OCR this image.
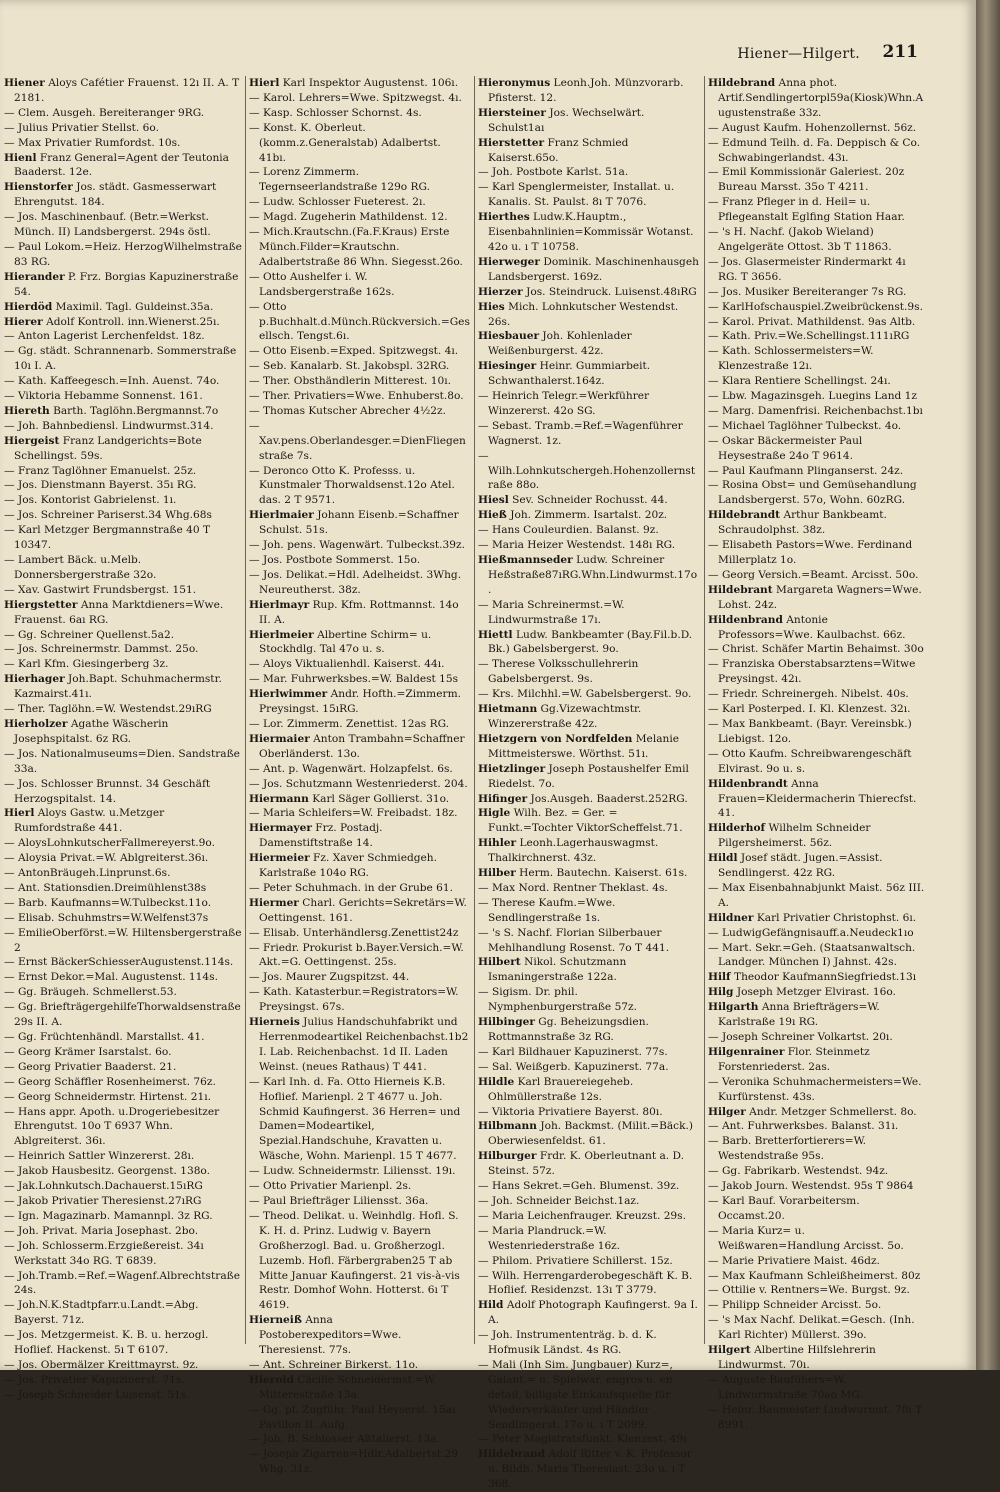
Hiener—Hilgert. 211

Hiener Aloys Cafétier Frauenst. 12ı II. A. T 2181.

— Clem. Ausgeh. Bereiteranger 9RG.

— Julius Privatier Stellst. 6o.

— Max Privatier Rumfordst. 10s.

Hienl Franz General=Agent der Teutonia Baaderst. 12e.

Hienstorfer Jos. städt. Gasmesserwart Ehrengutst. 184.

— Jos. Maschinenbauf. (Betr.=Werkst. Münch. II) Landsbergerst. 294s östl.

— Paul Lokom.=Heiz. HerzogWilhelmstraße 83 RG.

Hierander P. Frz. Borgias Kapuzinerstraße 54.

Hierdöd Maximil. Tagl. Guldeinst.35a.

Hierer Adolf Kontroll. inn.Wienerst.25ı.

— Anton Lagerist Lerchenfeldst. 18z.

— Gg. städt. Schrannenarb. Sommerstraße 10ı I. A.

— Kath. Kaffeegesch.=Inh. Auenst. 74o.

— Viktoria Hebamme Sonnenst. 161.

Hiereth Barth. Taglöhn.Bergmannst.7o

— Joh. Bahnbediensl. Lindwurmst.314.

Hiergeist Franz Landgerichts=Bote Schellingst. 59s.

— Franz Taglöhner Emanuelst. 25z.

— Jos. Dienstmann Bayerst. 35ı RG.

— Jos. Kontorist Gabrielenst. 1ı.

— Jos. Schreiner Pariserst.34 Whg.68s

— Karl Metzger Bergmannstraße 40 T 10347.

— Lambert Bäck. u.Melb. Donnersbergerstraße 32o.

— Xav. Gastwirt Frundsbergst. 151.

Hiergstetter Anna Marktdieners=Wwe. Frauenst. 6aı RG.

— Gg. Schreiner Quellenst.5a2.

— Jos. Schreinermstr. Dammst. 25o.

— Karl Kfm. Giesingerberg 3z.

Hierhager Joh.Bapt. Schuhmachermstr. Kazmairst.41ı.

— Ther. Taglöhn.=W. Westendst.29ıRG

Hierholzer Agathe Wäscherin Josephspitalst. 6z RG.

— Jos. Nationalmuseums=Dien. Sandstraße 33a.

— Jos. Schlosser Brunnst. 34 Geschäft Herzogspitalst. 14.

Hierl Aloys Gastw. u.Metzger Rumfordstraße 441.

— AloysLohnkutscherFallmereyerst.9o.

— Aloysia Privat.=W. Ablgreiterst.36ı.

— AntonBräugeh.Linprunst.6s.

— Ant. Stationsdien.Dreimühlenst38s

— Barb. Kaufmanns=W.Tulbeckst.11o.

— Elisab. Schuhmstrs=W.Welfenst37s

— EmilieOberförst.=W. Hiltensbergerstraße 2

— Ernst BäckerSchiesserAugustenst.114s.

— Ernst Dekor.=Mal. Augustenst. 114s.

— Gg. Bräugeh. Schmellerst.53.

— Gg. BriefträgergehilfeThorwaldsenstraße 29s II. A.

— Gg. Früchtenhändl. Marstallst. 41.

— Georg Krämer Isarstalst. 6o.

— Georg Privatier Baaderst. 21.

— Georg Schäffler Rosenheimerst. 76z.

— Georg Schneidermstr. Hirtenst. 21ı.

— Hans appr. Apoth. u.Drogeriebesitzer Ehrengutst. 10o T 6937 Whn. Ablgreiterst. 36ı.

— Heinrich Sattler Winzererst. 28ı.

— Jakob Hausbesitz. Georgenst. 138o.

— Jak.Lohnkutsch.Dachauerst.15ıRG

— Jakob Privatier Theresienst.27ıRG

— Ign. Magazinarb. Mamannpl. 3z RG.

— Joh. Privat. Maria Josephast. 2bo.

— Joh. Schlosserm.Erzgießereist. 34ı Werkstatt 34o RG. T 6839.

— Joh.Tramb.=Ref.=Wagenf.Albrechtstraße 24s.

— Joh.N.K.Stadtpfarr.u.Landt.=Abg. Bayerst. 71z.

— Jos. Metzgermeist. K. B. u. herzogl. Hoflief. Hackenst. 5ı T 6107.

— Jos. Obermälzer Kreittmayrst. 9z.

— Jos. Privatier Kapuzinerst. 71s.

— Joseph Schneider Luisenst. 51s.

Hierl Karl Inspektor Augustenst. 106ı.

— Karol. Lehrers=Wwe. Spitzwegst. 4ı.

— Kasp. Schlosser Schornst. 4s.

— Konst. K. Oberleut.(komm.z.Generalstab) Adalbertst. 41bı.

— Lorenz Zimmerm. Tegernseerlandstraße 129o RG.

— Ludw. Schlosser Fueterest. 2ı.

— Magd. Zugeherin Mathildenst. 12.

— Mich.Krautschn.(Fa.F.Kraus) Erste Münch.Filder=Krautschn. Adalbertstraße 86 Whn. Siegesst.26o.

— Otto Aushelfer i. W. Landsbergerstraße 162s.

— Otto p.Buchhalt.d.Münch.Rückversich.=Gesellsch. Tengst.6ı.

— Otto Eisenb.=Exped. Spitzwegst. 4ı.

— Seb. Kanalarb. St. Jakobspl. 32RG.

— Ther. Obsthändlerin Mitterest. 10ı.

— Ther. Privatiers=Wwe. Enhuberst.8o.

— Thomas Kutscher Abrecher 4½2z.

— Xav.pens.Oberlandesger.=DienFliegenstraße 7s.

— Deronco Otto K. Professs. u. Kunstmaler Thorwaldsenst.12o Atel. das. 2 T 9571.

Hierlmaier Johann Eisenb.=Schaffner Schulst. 51s.

— Joh. pens. Wagenwärt. Tulbeckst.39z.

— Jos. Postbote Sommerst. 15o.

— Jos. Delikat.=Hdl. Adelheidst. 3Whg. Neureutherst. 38z.

Hierlmayr Rup. Kfm. Rottmannst. 14o II. A.

Hierlmeier Albertine Schirm= u. Stockhdlg. Tal 47o u. s.

— Aloys Viktualienhdl. Kaiserst. 44ı.

— Mar. Fuhrwerksbes.=W. Baldest 15s

Hierlwimmer Andr. Hofth.=Zimmerm. Preysingst. 15ıRG.

— Lor. Zimmerm. Zenettist. 12as RG.

Hiermaier Anton Trambahn=Schaffner Oberländerst. 13o.

— Ant. p. Wagenwärt. Holzapfelst. 6s.

— Jos. Schutzmann Westenriederst. 204.

Hiermann Karl Säger Gollierst. 31o.

— Maria Schleifers=W. Freibadst. 18z.

Hiermayer Frz. Postadj. Damenstiftstraße 14.

Hiermeier Fz. Xaver Schmiedgeh. Karlstraße 104o RG.

— Peter Schuhmach. in der Grube 61.

Hiermer Charl. Gerichts=Sekretärs=W. Oettingenst. 161.

— Elisab. Unterhändlersg.Zenettist24z

— Friedr. Prokurist b.Bayer.Versich.=W. Akt.=G. Oettingenst. 25s.

— Jos. Maurer Zugspitzst. 44.

— Kath. Katasterbur.=Registrators=W. Preysingst. 67s.

Hierneis Julius Handschuhfabrikt und Herrenmodeartikel Reichenbachst.1b2 I. Lab. Reichenbachst. 1d II. Laden Weinst. (neues Rathaus) T 441.

— Karl Inh. d. Fa. Otto Hierneis K.B. Hoflief. Marienpl. 2 T 4677 u. Joh. Schmid Kaufingerst. 36 Herren= und Damen=Modeartikel, Spezial.Handschuhe, Kravatten u. Wäsche, Wohn. Marienpl. 15 T 4677.

— Ludw. Schneidermstr. Liliensst. 19ı.

— Otto Privatier Marienpl. 2s.

— Paul Briefträger Liliensst. 36a.

— Theod. Delikat. u. Weinhdlg. Hofl. S. K. H. d. Prinz. Ludwig v. Bayern Großherzogl. Bad. u. Großherzogl. Luzemb. Hofl. Färbergraben25 T ab Mitte Januar Kaufingerst. 21 vis-à-vis Restr. Domhof Wohn. Hotterst. 6ı T 4619.

Hierneiß Anna Postoberexpeditors=Wwe. Theresienst. 77s.

— Ant. Schreiner Birkerst. 11o.

Hierold Cäcilie Schneidermst.=W. Mitterestraße 13a.

— Gg. pf. Zugführ. Paul Heyserst. 15aı Pavillon II. Aufg.

— Joh. B. Schlosser Aßtallerst. 13a.

— Joseph Zigarren=Hdlr.Adalbertst.29 Whg. 31z.

Hieronymus Leonh.Joh. Münzvorarb. Pfisterst. 12.

Hiersteiner Jos. Wechselwärt. Schulst1aı

Hierstetter Franz Schmied Kaiserst.65o.

— Joh. Postbote Karlst. 51a.

— Karl Spenglermeister, Installat. u. Kanalis. St. Paulst. 8ı T 7076.

Hierthes Ludw.K.Hauptm., Eisenbahnlinien=Kommissär Wotanst. 42o u. ı T 10758.

Hierweger Dominik. Maschinenhausgeh Landsbergerst. 169z.

Hierzer Jos. Steindruck. Luisenst.48ıRG

Hies Mich. Lohnkutscher Westendst. 26s.

Hiesbauer Joh. Kohlenlader Weißenburgerst. 42z.

Hiesinger Heinr. Gummiarbeit. Schwanthalerst.164z.

— Heinrich Telegr.=Werkführer Winzererst. 42o SG.

— Sebast. Tramb.=Ref.=Wagenführer Wagnerst. 1z.

— Wilh.Lohnkutschergeh.Hohenzollernstraße 88o.

Hiesl Sev. Schneider Rochusst. 44.

Hieß Joh. Zimmerm. Isartalst. 20z.

— Hans Couleurdien. Balanst. 9z.

— Maria Heizer Westendst. 148ı RG.

Hießmannseder Ludw. Schreiner Heßstraße87ıRG.Whn.Lindwurmst.17o.

— Maria Schreinermst.=W. Lindwurmstraße 17ı.

Hiettl Ludw. Bankbeamter (Bay.Fil.b.D. Bk.) Gabelsbergerst. 9o.

— Therese Volksschullehrerin Gabelsbergerst. 9s.

— Krs. Milchhl.=W. Gabelsbergerst. 9o.

Hietmann Gg.Vizewachtmstr. Winzererstraße 42z.

Hietzgern von Nordfelden Melanie Mittmeisterswe. Wörthst. 51ı.

Hietzlinger Joseph Postaushelfer Emil Riedelst. 7o.

Hifinger Jos.Ausgeh. Baaderst.252RG.

Higle Wilh. Bez. = Ger. = Funkt.=Tochter ViktorScheffelst.71.

Hihler Leonh.Lagerhauswagmst. Thalkirchnerst. 43z.

Hilber Herm. Bautechn. Kaiserst. 61s.

— Max Nord. Rentner Theklast. 4s.

— Therese Kaufm.=Wwe. Sendlingerstraße 1s.

— 's S. Nachf. Florian Silberbauer Mehlhandlung Rosenst. 7o T 441.

Hilbert Nikol. Schutzmann Ismaningerstraße 122a.

— Sigism. Dr. phil. Nymphenburgerstraße 57z.

Hilbinger Gg. Beheizungsdien. Rottmannstraße 3z RG.

— Karl Bildhauer Kapuzinerst. 77s.

— Sal. Weißgerb. Kapuzinerst. 77a.

Hildle Karl Brauereiegeheb. Ohlmüllerstraße 12s.

— Viktoria Privatiere Bayerst. 80ı.

Hilbmann Joh. Backmst. (Milit.=Bäck.) Oberwiesenfeldst. 61.

Hilburger Frdr. K. Oberleutnant a. D. Steinst. 57z.

— Hans Sekret.=Geh. Blumenst. 39z.

— Joh. Schneider Beichst.1az.

— Maria Leichenfrauger. Kreuzst. 29s.

— Maria Plandruck.=W. Westenriederstraße 16z.

— Philom. Privatiere Schillerst. 15z.

— Wilh. Herrengarderobegeschäft K. B. Hoflief. Residenzst. 13ı T 3779.

Hild Adolf Photograph Kaufingerst. 9a I. A.

— Joh. Instrumententräg. b. d. K. Hofmusik Ländst. 4s RG.

— Mali (Inh Sim. Jungbauer) Kurz=, Galant.= u. Spielwar. engros u. en detail, billigste Einkaufsquelle für Wiederverkäufer und Händler Sendlingerst. 17o u. ı T 2099.

— Peter Magistratsfunkt. Klenzest. 49ı

Hildebrand Adolf Ritter v. K. Professor u. Bildh. Maria Theresiast. 23o u. ı T 368.

Hildebrand Anna phot. Artif.Sendlingertorpl59a(Kiosk)Whn.Augustenstraße 33z.

— August Kaufm. Hohenzollernst. 56z.

— Edmund Teilh. d. Fa. Deppisch & Co. Schwabingerlandst. 43ı.

— Emil Kommissionär Galeriest. 20z Bureau Marsst. 35o T 4211.

— Franz Pfleger in d. Heil= u. Pflegeanstalt Eglfing Station Haar.

— 's H. Nachf. (Jakob Wieland) Angelgeräte Ottost. 3b T 11863.

— Jos. Glasermeister Rindermarkt 4ı RG. T 3656.

— Jos. Musiker Bereiteranger 7s RG.

— KarlHofschauspiel.Zweibrückenst.9s.

— Karol. Privat. Mathildenst. 9as Altb.

— Kath. Priv.=We.Schellingst.111ıRG

— Kath. Schlossermeisters=W. Klenzestraße 12ı.

— Klara Rentiere Schellingst. 24ı.

— Lbw. Magazinsgeh. Luegins Land 1z

— Marg. Damenfrisi. Reichenbachst.1bı

— Michael Taglöhner Tulbeckst. 4o.

— Oskar Bäckermeister Paul Heysestraße 24o T 9614.

— Paul Kaufmann Plinganserst. 24z.

— Rosina Obst= und Gemüsehandlung Landsbergerst. 57o, Wohn. 60zRG.

Hildebrandt Arthur Bankbeamt. Schraudolphst. 38z.

— Elisabeth Pastors=Wwe. Ferdinand Millerplatz 1o.

— Georg Versich.=Beamt. Arcisst. 50o.

Hildebrant Margareta Wagners=Wwe. Lohst. 24z.

Hildenbrand Antonie Professors=Wwe. Kaulbachst. 66z.

— Christ. Schäfer Martin Behaimst. 30o

— Franziska Oberstabsarztens=Witwe Preysingst. 42ı.

— Friedr. Schreinergeh. Nibelst. 40s.

— Karl Posterped. I. Kl. Klenzest. 32ı.

— Max Bankbeamt. (Bayr. Vereinsbk.) Liebigst. 12o.

— Otto Kaufm. Schreibwarengeschäft Elvirast. 9o u. s.

Hildenbrandt Anna Frauen=Kleidermacherin Thierecfst. 41.

Hilderhof Wilhelm Schneider Pilgersheimerst. 56z.

Hildl Josef städt. Jugen.=Assist. Sendlingerst. 42z RG.

— Max Eisenbahnabjunkt Maist. 56z III. A.

Hildner Karl Privatier Christophst. 6ı.

— LudwigGefängnisauff.a.Neudeck1ıo

— Mart. Sekr.=Geh. (Staatsanwaltsch. Landger. München I) Jahnst. 42s.

Hilf Theodor KaufmannSiegfriedst.13ı

Hilg Joseph Metzger Elvirast. 16o.

Hilgarth Anna Briefträgers=W. Karlstraße 19ı RG.

— Joseph Schreiner Volkartst. 20ı.

Hilgenrainer Flor. Steinmetz Forstenriederst. 2as.

— Veronika Schuhmachermeisters=We. Kurfürstenst. 43s.

Hilger Andr. Metzger Schmellerst. 8o.

— Ant. Fuhrwerksbes. Balanst. 31ı.

— Barb. Bretterfortierers=W. Westendstraße 95s.

— Gg. Fabrikarb. Westendst. 94z.

— Jakob Journ. Westendst. 95s T 9864

— Karl Bauf. Vorarbeitersm. Occamst.20.

— Maria Kurz= u. Weißwaren=Handlung Arcisst. 5o.

— Marie Privatiere Maist. 46dz.

— Max Kaufmann Schleißheimerst. 80z

— Ottilie v. Rentners=We. Burgst. 9z.

— Philipp Schneider Arcisst. 5o.

— 's Max Nachf. Delikat.=Gesch. (Inh. Karl Richter) Müllerst. 39o.

Hilgert Albertine Hilfslehrerin Lindwurmst. 70ı.

— Auguste Baufühers=W. Lindwurmstraße 70ao MG.

— Heinr. Baumeister Lindwurmst. 70ı T 8991.
